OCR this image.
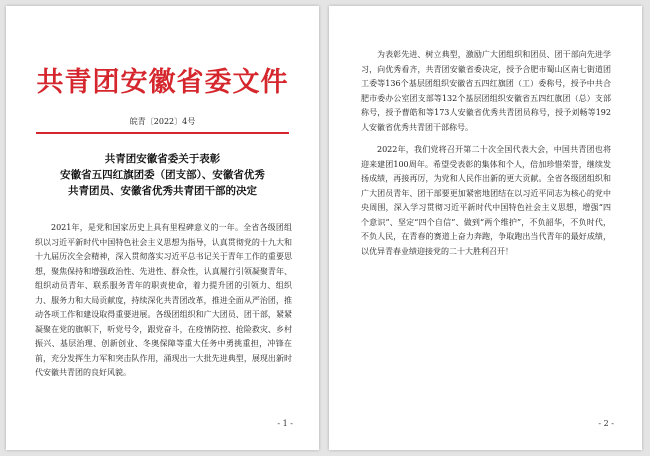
共青团安徽省委文件
皖青〔2022〕4号
共青团安徽省委关于表彰
安徽省五四红旗团委（团支部）、安徽省优秀
共青团员、安徽省优秀共青团干部的决定

2021年，是党和国家历史上具有里程碑意义的一年。全省各级团组织以习近平新时代中国特色社会主义思想为指导，认真贯彻党的十九大和十九届历次全会精神，深入贯彻落实习近平总书记关于青年工作的重要思想，聚焦保持和增强政治性、先进性、群众性，认真履行引领凝聚青年、组织动员青年、联系服务青年的职责使命，着力提升团的引领力、组织力、服务力和大局贡献度，持续深化共青团改革，推进全面从严治团，推动各项工作和建设取得重要进展。各级团组织和广大团员、团干部，紧紧凝聚在党的旗帜下，听党号令，跟党奋斗，在疫情防控、抢险救灾、乡村振兴、基层治理、创新创业、冬奥保障等重大任务中勇挑重担，冲锋在前，充分发挥生力军和突击队作用，涌现出一大批先进典型，展现出新时代安徽共青团的良好风貌。

- 1 -

为表彰先进、树立典型，激励广大团组织和团员、团干部向先进学习，向优秀看齐，共青团安徽省委决定，授予合肥市蜀山区南七街道团工委等136个基层团组织安徽省五四红旗团（工）委称号，授予中共合肥市委办公室团支部等132个基层团组织安徽省五四红旗团（总）支部称号，授予曹皓和等173人安徽省优秀共青团员称号，授予刘畅等192人安徽省优秀共青团干部称号。

2022年，我们党将召开第二十次全国代表大会，中国共青团也将迎来建团100周年。希望受表彰的集体和个人，倍加珍惜荣誉，继续发扬成绩，再接再厉，为党和人民作出新的更大贡献。全省各级团组织和广大团员青年、团干部要更加紧密地团结在以习近平同志为核心的党中央周围，深入学习贯彻习近平新时代中国特色社会主义思想，增强“四个意识”、坚定“四个自信”、做到“两个维护”，不负韶华，不负时代，不负人民，在青春的赛道上奋力奔跑，争取跑出当代青年的最好成绩，以优异青春业绩迎接党的二十大胜利召开！

- 2 -
